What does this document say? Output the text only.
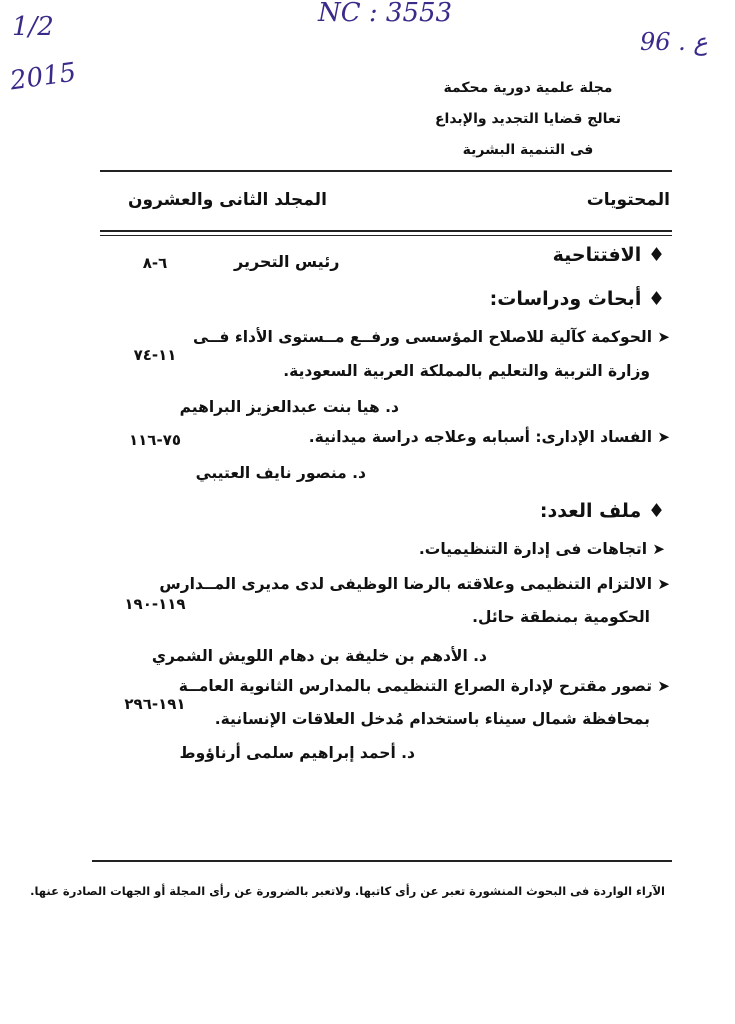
1/2
2015
NC : 3553
ع . 96
مجلة علمية دورية محكمة
تعالج قضايا التجديد والإبداع
فى التنمية البشرية
المحتويات
المجلد الثانى والعشرون
♦ الافتتاحية
رئيس التحرير
٦-٨
♦ أبحاث ودراسات:
➤ الحوكمة كآلية للاصلاح المؤسسى ورفــع مــستوى الأداء فــى
وزارة التربية والتعليم بالمملكة العربية السعودية.
د. هيا بنت عبدالعزيز البراهيم
١١-٧٤
➤ الفساد الإدارى: أسبابه وعلاجه دراسة ميدانية.
د. منصور نايف العتيبي
٧٥-١١٦
♦ ملف العدد:
➤ اتجاهات فى إدارة التنظيميات.
➤ الالتزام التنظيمى وعلاقته بالرضا الوظيفى لدى مديرى المــدارس
الحكومية بمنطقة حائل.
د. الأدهم بن خليفة بن دهام اللويش الشمري
١١٩-١٩٠
➤ تصور مقترح لإدارة الصراع التنظيمى بالمدارس الثانوية العامــة
بمحافظة شمال سيناء باستخدام مُدخل العلاقات الإنسانية.
د. أحمد إبراهيم سلمى أرناؤوط
١٩١-٢٩٦
الآراء الواردة فى البحوث المنشورة تعبر عن رأى كاتبها. ولاتعبر بالضرورة عن رأى المجلة أو الجهات الصادرة عنها.
